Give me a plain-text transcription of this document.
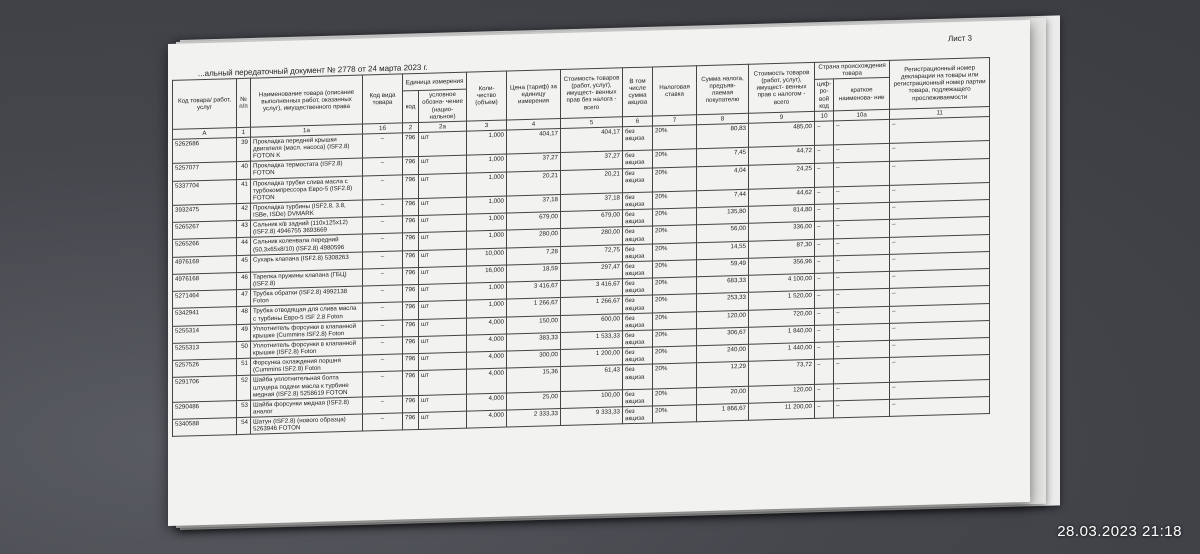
Лист 3
...альный передаточный документ № 2778 от 24 марта 2023 г.
Код товара/ работ, услуг	№ п/п	Наименование товара (описание выполненных работ, оказанных услуг), имущественного права	Код вида товара	Единица измерения		Коли- чество (объем)	Цена (тариф) за единицу измерения	Стоимость товаров (работ, услуг), имущест- венных прав без налога - всего	В том числе сумма акциза	Налоговая ставка	Сумма налога, предъяв- ляемая покупателю	Стоимость товаров (работ, услуг), имущест- венных прав с налогом - всего	Страна происхождения товара		Регистрационный номер декларации на товары или регистрационный номер партии товара, подлежащего прослеживаемости
				код	условное обозна- чение (нацио- нальное)								циф- ро- вой код	краткое наименова- ние	
А	1	1а	1б	2	2а	3	4	5	6	7	8	9	10	10а	11
5262686	39	Прокладка передней крышки двигателя (масл. насоса) (ISF2.8) FOTON K	–	796	шт	1,000	404,17	404,17	без акциза	20%	80,83	485,00	–	–	–
5257077	40	Прокладка термостата (ISF2.8) FOTON	–	796	шт	1,000	37,27	37,27	без акциза	20%	7,45	44,72	–	–	–
5337704	41	Прокладка трубки слива масла с турбокомпрессора Евро-5 (ISF2.8) FOTON	–	796	шт	1,000	20,21	20,21	без акциза	20%	4,04	24,25	–	–	–
3932475	42	Прокладка турбины (ISF2.8, 3.8, ISBe, ISDe) DVMARK	–	796	шт	1,000	37,18	37,18	без акциза	20%	7,44	44,62	–	–	–
5265267	43	Сальник к/в задний (110х125х12) (ISF2.8) 4946755 3693669	–	796	шт	1,000	679,00	679,00	без акциза	20%	135,80	814,80	–	–	–
5265266	44	Сальник коленвала передний (50,3х65х8/10) (ISF2.8) 4980596	–	796	шт	1,000	280,00	280,00	без акциза	20%	56,00	336,00	–	–	–
4976169	45	Сухарь клапана (ISF2.8) 5308263	–	796	шт	10,000	7,28	72,75	без акциза	20%	14,55	87,30	–	–	–
4976168	46	Тарелка пружины клапана (ГБЦ) (ISF2.8)	–	796	шт	16,000	18,59	297,47	без акциза	20%	59,49	356,96	–	–	–
5271464	47	Трубка обратки (ISF2.8) 4992138 Foton	–	796	шт	1,000	3 416,67	3 416,67	без акциза	20%	683,33	4 100,00	–	–	–
5342941	48	Трубка отводящая для слива масла с турбины Евро-5 ISF 2.8 Foton	–	796	шт	1,000	1 266,67	1 266,67	без акциза	20%	253,33	1 520,00	–	–	–
5255314	49	Уплотнитель форсунки в клапанной крышке (Cummins ISF2.8) Foton	–	796	шт	4,000	150,00	600,00	без акциза	20%	120,00	720,00	–	–	–
5255313	50	Уплотнитель форсунки в клапанной крышке (ISF2.8) Foton	–	796	шт	4,000	383,33	1 533,33	без акциза	20%	306,67	1 840,00	–	–	–
5257526	51	Форсунка охлаждения поршня (Cummins ISF2.8) Foton	–	796	шт	4,000	300,00	1 200,00	без акциза	20%	240,00	1 440,00	–	–	–
5291706	52	Шайба уплотнительная болта штуцера подачи масла к турбине медная (ISF2.8) 5258619 FOTON	–	796	шт	4,000	15,36	61,43	без акциза	20%	12,29	73,72	–	–	–
5290486	53	Шайба форсунки медная (ISF2.8) аналог	–	796	шт	4,000	25,00	100,00	без акциза	20%	20,00	120,00	–	–	–
5340588	54	Шатун (ISF2.8) (нового образца) 5263946 FOTON	–	796	шт	4,000	2 333,33	9 333,33	без акциза	20%	1 866,67	11 200,00	–	–	–
28.03.2023 21:18
